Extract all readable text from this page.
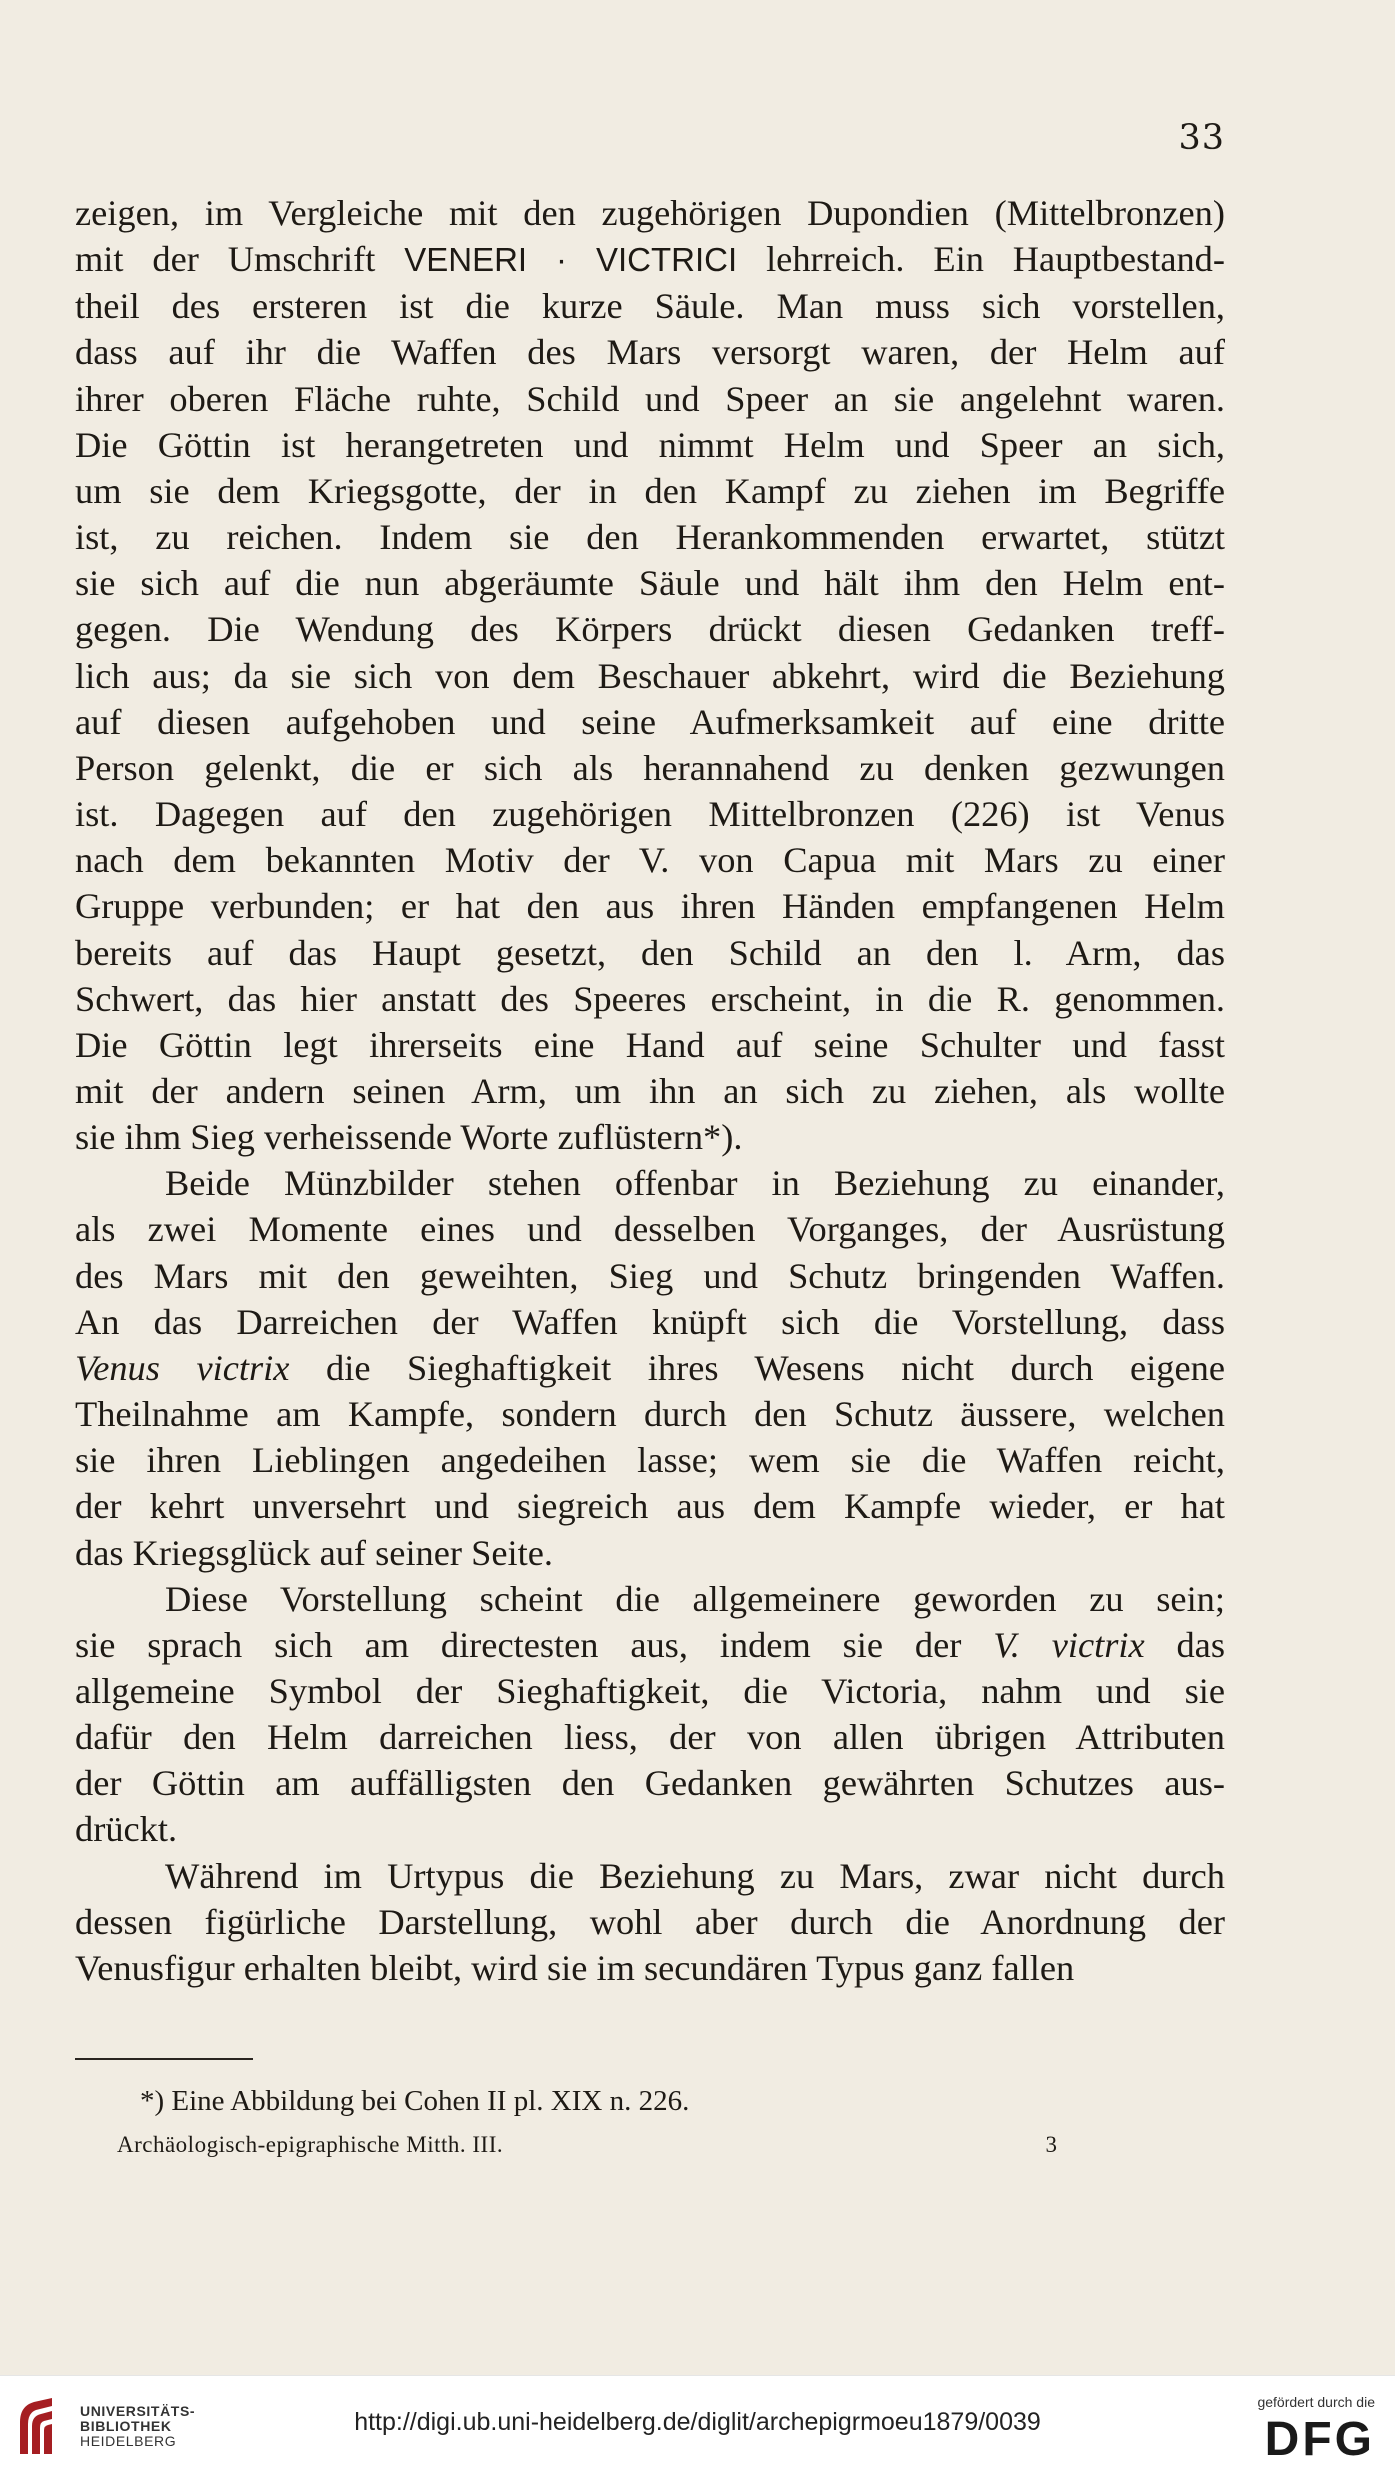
33
zeigen, im Vergleiche mit den zugehörigen Dupondien (Mittelbronzen)
mit der Umschrift VENERI · VICTRICI lehrreich. Ein Hauptbestand-
theil des ersteren ist die kurze Säule. Man muss sich vorstellen,
dass auf ihr die Waffen des Mars versorgt waren, der Helm auf
ihrer oberen Fläche ruhte, Schild und Speer an sie angelehnt waren.
Die Göttin ist herangetreten und nimmt Helm und Speer an sich,
um sie dem Kriegsgotte, der in den Kampf zu ziehen im Begriffe
ist, zu reichen. Indem sie den Herankommenden erwartet, stützt
sie sich auf die nun abgeräumte Säule und hält ihm den Helm ent-
gegen. Die Wendung des Körpers drückt diesen Gedanken treff-
lich aus; da sie sich von dem Beschauer abkehrt, wird die Beziehung
auf diesen aufgehoben und seine Aufmerksamkeit auf eine dritte
Person gelenkt, die er sich als herannahend zu denken gezwungen
ist. Dagegen auf den zugehörigen Mittelbronzen (226) ist Venus
nach dem bekannten Motiv der V. von Capua mit Mars zu einer
Gruppe verbunden; er hat den aus ihren Händen empfangenen Helm
bereits auf das Haupt gesetzt, den Schild an den l. Arm, das
Schwert, das hier anstatt des Speeres erscheint, in die R. genommen.
Die Göttin legt ihrerseits eine Hand auf seine Schulter und fasst
mit der andern seinen Arm, um ihn an sich zu ziehen, als wollte
sie ihm Sieg verheissende Worte zuflüstern*).
Beide Münzbilder stehen offenbar in Beziehung zu einander,
als zwei Momente eines und desselben Vorganges, der Ausrüstung
des Mars mit den geweihten, Sieg und Schutz bringenden Waffen.
An das Darreichen der Waffen knüpft sich die Vorstellung, dass
Venus victrix die Sieghaftigkeit ihres Wesens nicht durch eigene
Theilnahme am Kampfe, sondern durch den Schutz äussere, welchen
sie ihren Lieblingen angedeihen lasse; wem sie die Waffen reicht,
der kehrt unversehrt und siegreich aus dem Kampfe wieder, er hat
das Kriegsglück auf seiner Seite.
Diese Vorstellung scheint die allgemeinere geworden zu sein;
sie sprach sich am directesten aus, indem sie der V. victrix das
allgemeine Symbol der Sieghaftigkeit, die Victoria, nahm und sie
dafür den Helm darreichen liess, der von allen übrigen Attributen
der Göttin am auffälligsten den Gedanken gewährten Schutzes aus-
drückt.
Während im Urtypus die Beziehung zu Mars, zwar nicht durch
dessen figürliche Darstellung, wohl aber durch die Anordnung der
Venusfigur erhalten bleibt, wird sie im secundären Typus ganz fallen
*) Eine Abbildung bei Cohen II pl. XIX n. 226.
Archäologisch-epigraphische Mitth. III.	3
UNIVERSITÄTS-
BIBLIOTHEK
HEIDELBERG
http://digi.ub.uni-heidelberg.de/diglit/archepigrmoeu1879/0039
gefördert durch die
DFG
